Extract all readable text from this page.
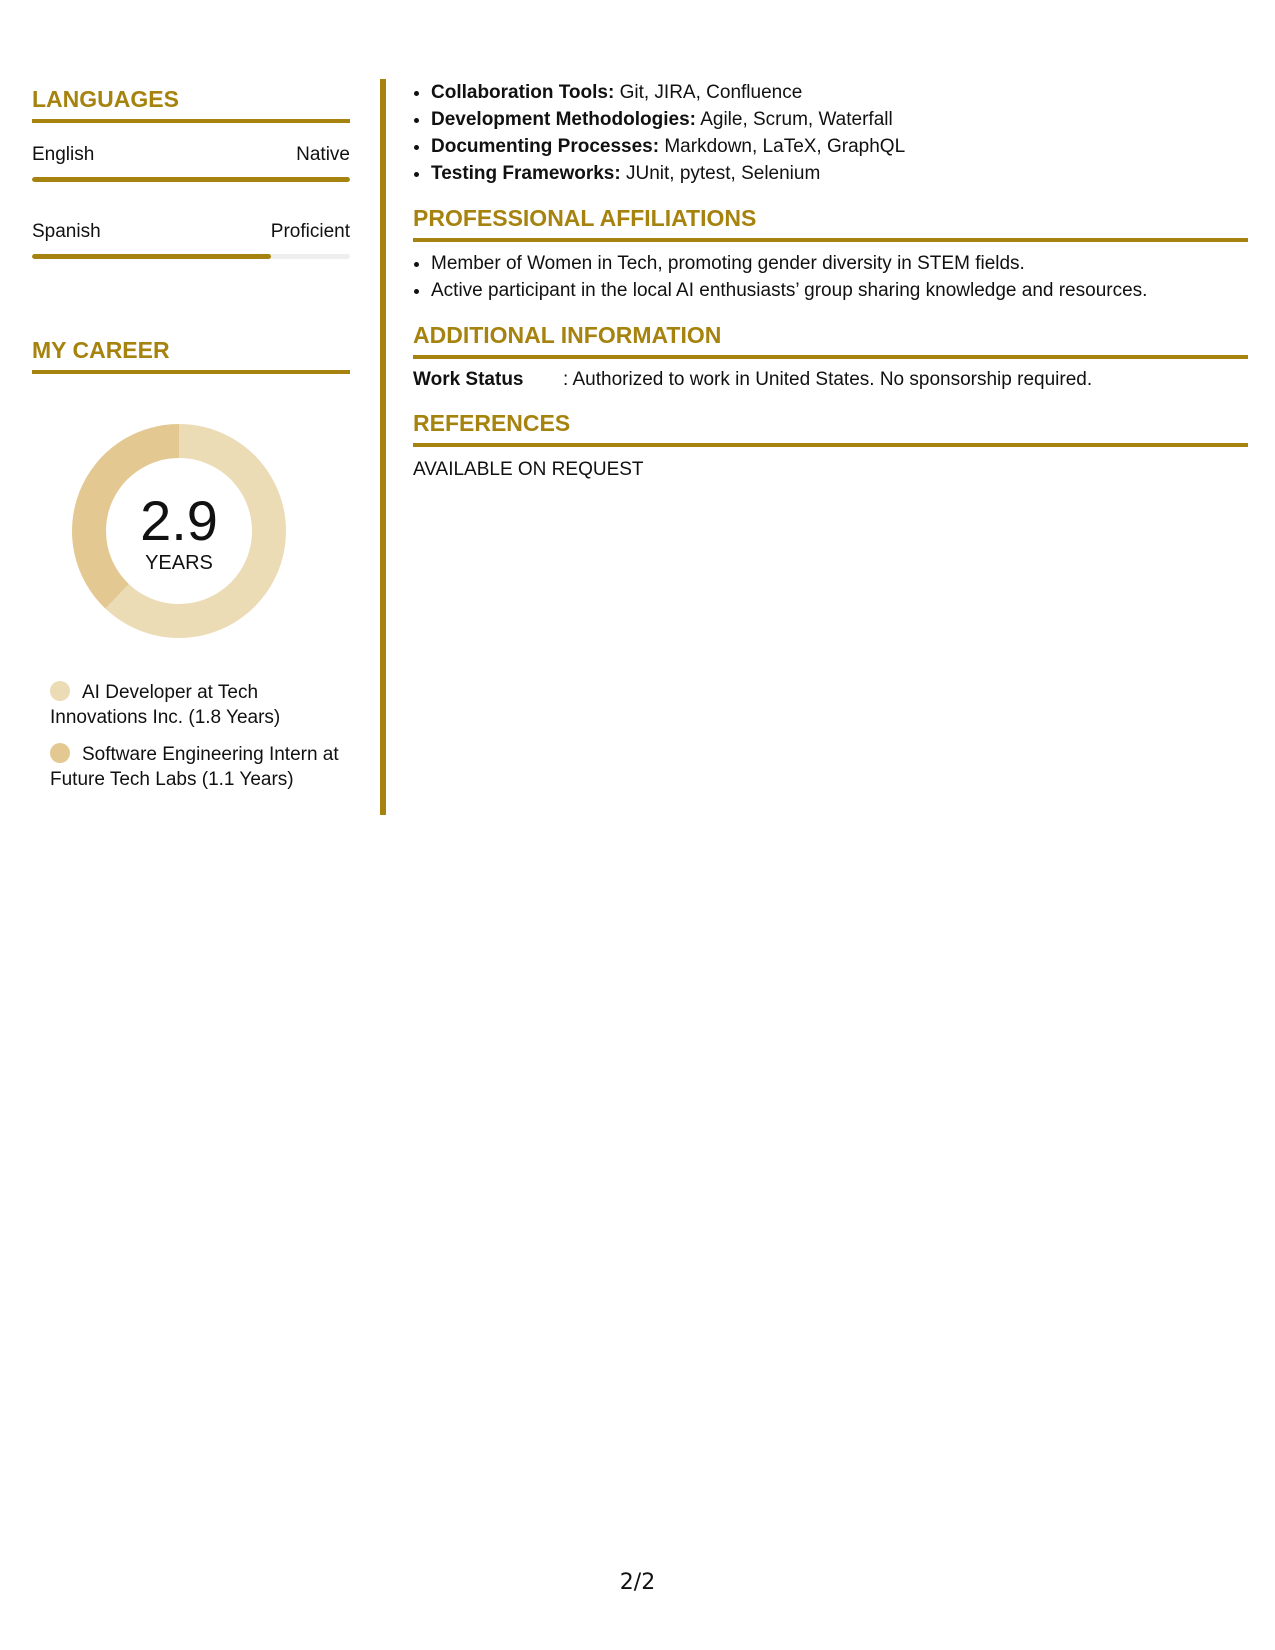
LANGUAGES
English	Native
Spanish	Proficient
MY CAREER
2.9
YEARS
AI Developer at Tech Innovations Inc. (1.8 Years)
Software Engineering Intern at Future Tech Labs (1.1 Years)
• Collaboration Tools: Git, JIRA, Confluence
• Development Methodologies: Agile, Scrum, Waterfall
• Documenting Processes: Markdown, LaTeX, GraphQL
• Testing Frameworks: JUnit, pytest, Selenium
PROFESSIONAL AFFILIATIONS
• Member of Women in Tech, promoting gender diversity in STEM fields.
• Active participant in the local AI enthusiasts’ group sharing knowledge and resources.
ADDITIONAL INFORMATION
Work Status	: Authorized to work in United States. No sponsorship required.
REFERENCES
AVAILABLE ON REQUEST
2/2
